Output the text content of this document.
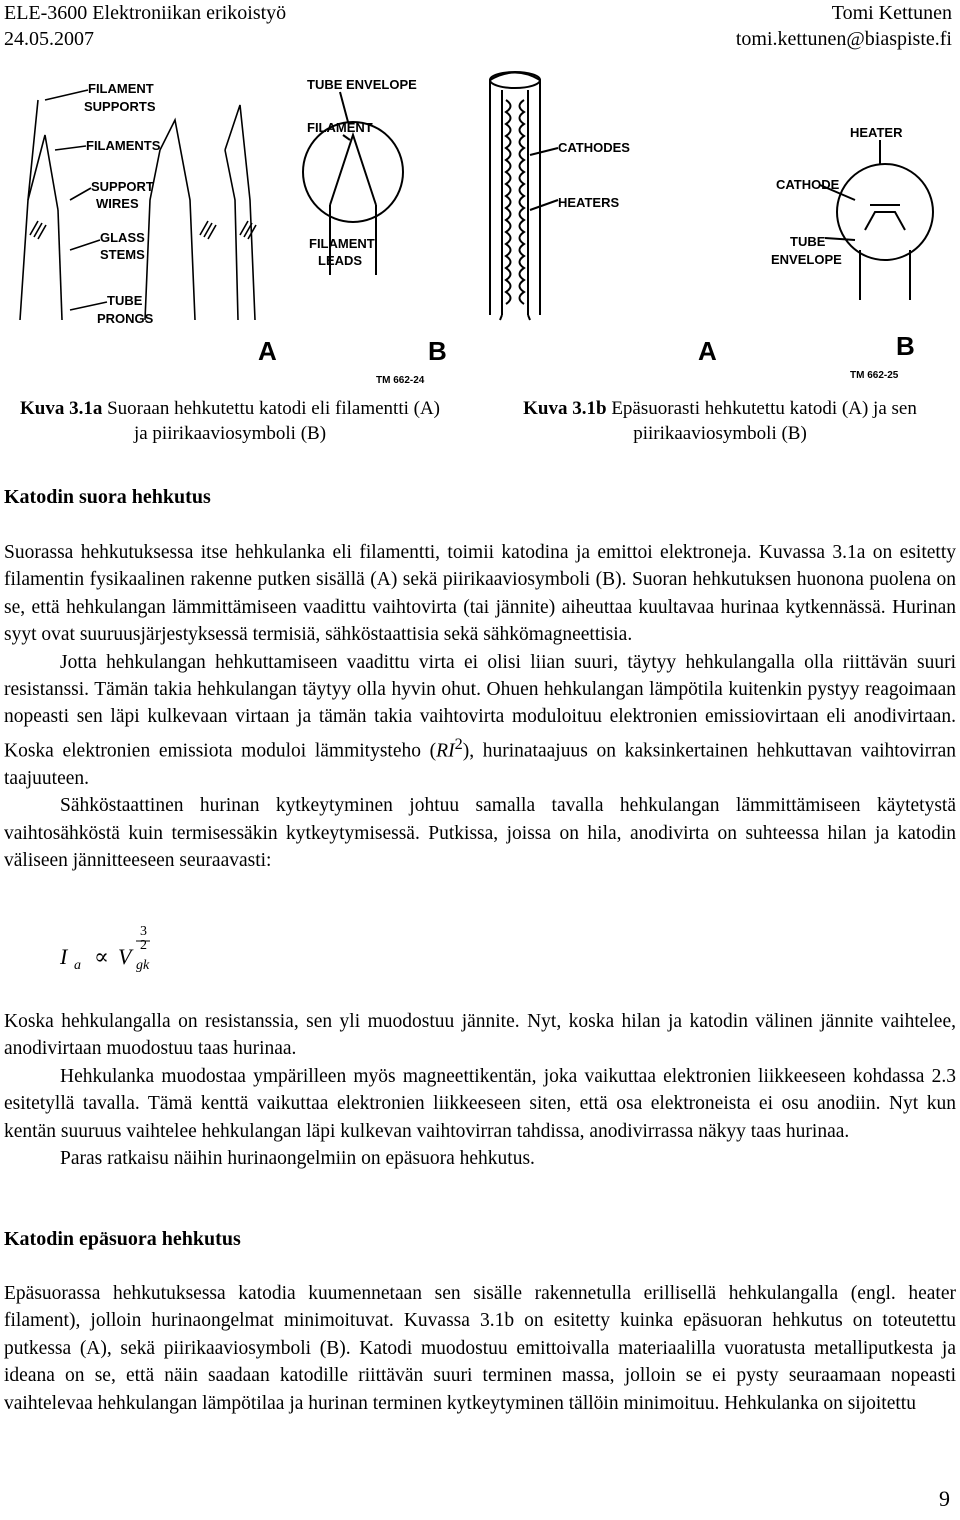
ELE-3600 Elektroniikan erikoistyö
24.05.2007
Tomi Kettunen
tomi.kettunen@biaspiste.fi
FILAMENT
SUPPORTS
FILAMENTS
SUPPORT
WIRES
GLASS
STEMS
TUBE
PRONGS
TUBE ENVELOPE
FILAMENT
FILAMENT
LEADS
A	B
TM 662-24
Kuva 3.1a Suoraan hehkutettu katodi eli filamentti (A)
ja piirikaaviosymboli (B)
CATHODES
HEATERS
HEATER
CATHODE
TUBE
ENVELOPE
A	B
TM 662-25
Kuva 3.1b Epäsuorasti hehkutettu katodi (A) ja sen
piirikaaviosymboli (B)
Katodin suora hehkutus

Suorassa hehkutuksessa itse hehkulanka eli filamentti, toimii katodina ja emittoi elektroneja. Kuvassa 3.1a on esitetty filamentin fysikaalinen rakenne putken sisällä (A) sekä piirikaaviosymboli (B). Suoran hehkutuksen huonona puolena on se, että hehkulangan lämmittämiseen vaadittu vaihtovirta (tai jännite) aiheuttaa kuultavaa hurinaa kytkennässä. Hurinan syyt ovat suuruusjärjestyksessä termisiä, sähköstaattisia sekä sähkömagneettisia.

Jotta hehkulangan hehkuttamiseen vaadittu virta ei olisi liian suuri, täytyy hehkulangalla olla riittävän suuri resistanssi. Tämän takia hehkulangan täytyy olla hyvin ohut. Ohuen hehkulangan lämpötila kuitenkin pystyy reagoimaan nopeasti sen läpi kulkevaan virtaan ja tämän takia vaihtovirta moduloituu elektronien emissiovirtaan eli anodivirtaan. Koska elektronien emissiota moduloi lämmitysteho $(RI^2)$, hurinataajuus on kaksinkertainen hehkuttavan vaihtovirran taajuuteen.

Sähköstaattinen hurinan kytkeytyminen johtuu samalla tavalla hehkulangan lämmittämiseen käytetystä vaihtosähköstä kuin termisessäkin kytkeytymisessä. Putkissa, joissa on hila, anodivirta on suhteessa hilan ja katodin väliseen jännitteeseen seuraavasti:

I a ∝ V gk
3
2

Koska hehkulangalla on resistanssia, sen yli muodostuu jännite. Nyt, koska hilan ja katodin välinen jännite vaihtelee, anodivirtaan muodostuu taas hurinaa.

Hehkulanka muodostaa ympärilleen myös magneettikentän, joka vaikuttaa elektronien liikkeeseen kohdassa 2.3 esitetyllä tavalla. Tämä kenttä vaikuttaa elektronien liikkeeseen siten, että osa elektroneista ei osu anodiin. Nyt kun kentän suuruus vaihtelee hehkulangan läpi kulkevan vaihtovirran tahdissa, anodivirrassa näkyy taas hurinaa.

Paras ratkaisu näihin hurinaongelmiin on epäsuora hehkutus.

Katodin epäsuora hehkutus

Epäsuorassa hehkutuksessa katodia kuumennetaan sen sisälle rakennetulla erillisellä hehkulangalla (engl. heater filament), jolloin hurinaongelmat minimoituvat. Kuvassa 3.1b on esitetty kuinka epäsuoran hehkutus on toteutettu putkessa (A), sekä piirikaaviosymboli (B). Katodi muodostuu emittoivalla materiaalilla vuoratusta metalliputkesta ja ideana on se, että näin saadaan katodille riittävän suuri terminen massa, jolloin se ei pysty seuraamaan nopeasti vaihtelevaa hehkulangan lämpötilaa ja hurinan terminen kytkeytyminen tällöin minimoituu. Hehkulanka on sijoitettu

9
